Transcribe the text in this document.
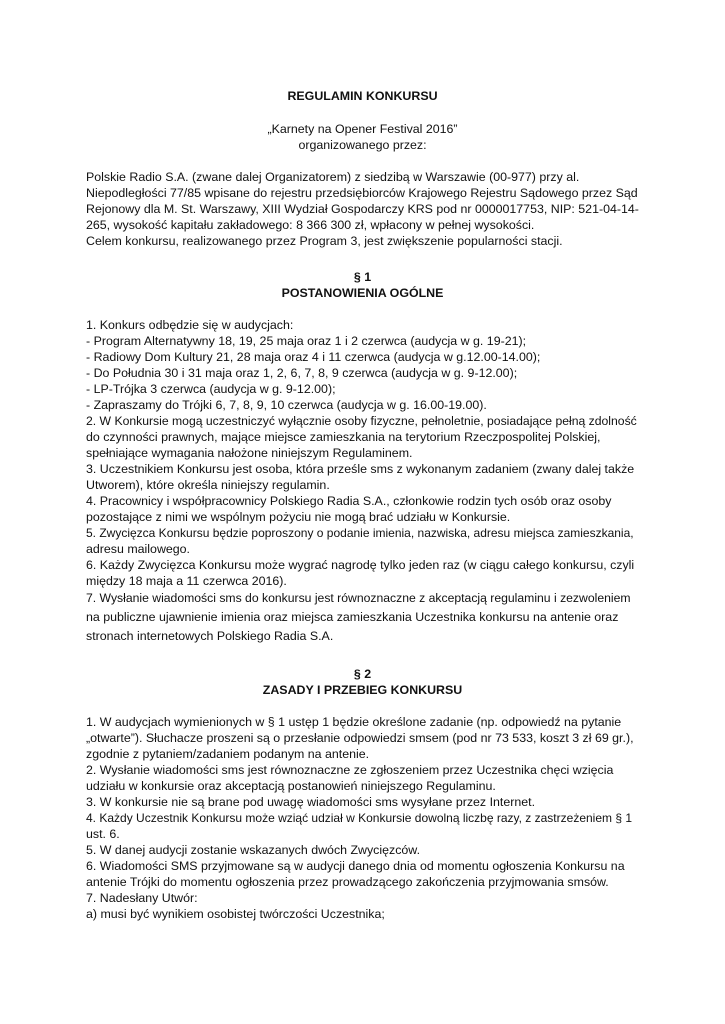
REGULAMIN KONKURSU
„Karnety na Opener Festival 2016”
organizowanego przez:
Polskie Radio S.A. (zwane dalej Organizatorem) z siedzibą w Warszawie (00-977) przy al.
Niepodległości 77/85 wpisane do rejestru przedsiębiorców Krajowego Rejestru Sądowego przez Sąd
Rejonowy dla M. St. Warszawy, XIII Wydział Gospodarczy KRS pod nr 0000017753, NIP: 521-04-14-
265, wysokość kapitału zakładowego: 8 366 300 zł, wpłacony w pełnej wysokości.
Celem konkursu, realizowanego przez Program 3, jest zwiększenie popularności stacji.
§ 1
POSTANOWIENIA OGÓLNE
1. Konkurs odbędzie się w audycjach:
- Program Alternatywny 18, 19, 25 maja oraz 1 i 2 czerwca (audycja w g. 19-21);
- Radiowy Dom Kultury 21, 28 maja oraz 4 i 11 czerwca (audycja w g.12.00-14.00);
- Do Południa 30 i 31 maja oraz 1, 2, 6, 7, 8, 9 czerwca (audycja w g. 9-12.00);
- LP-Trójka 3 czerwca (audycja w g. 9-12.00);
- Zapraszamy do Trójki 6, 7, 8, 9, 10 czerwca (audycja w g. 16.00-19.00).
2. W Konkursie mogą uczestniczyć wyłącznie osoby fizyczne, pełnoletnie, posiadające pełną zdolność
do czynności prawnych, mające miejsce zamieszkania na terytorium Rzeczpospolitej Polskiej,
spełniające wymagania nałożone niniejszym Regulaminem.
3. Uczestnikiem Konkursu jest osoba, która prześle sms z wykonanym zadaniem (zwany dalej także
Utworem), które określa niniejszy regulamin.
4. Pracownicy i współpracownicy Polskiego Radia S.A., członkowie rodzin tych osób oraz osoby
pozostające z nimi we wspólnym pożyciu nie mogą brać udziału w Konkursie.
5. Zwycięzca Konkursu będzie poproszony o podanie imienia, nazwiska, adresu miejsca zamieszkania,
adresu mailowego.
6. Każdy Zwycięzca Konkursu może wygrać nagrodę tylko jeden raz (w ciągu całego konkursu, czyli
między 18 maja a 11 czerwca 2016).
7. Wysłanie wiadomości sms do konkursu jest równoznaczne z akceptacją regulaminu i zezwoleniem
na publiczne ujawnienie imienia oraz miejsca zamieszkania Uczestnika konkursu na antenie oraz
stronach internetowych Polskiego Radia S.A.
§ 2
ZASADY I PRZEBIEG KONKURSU
1. W audycjach wymienionych w § 1 ustęp 1 będzie określone zadanie (np. odpowiedź na pytanie
„otwarte”). Słuchacze proszeni są o przesłanie odpowiedzi smsem (pod nr 73 533, koszt 3 zł 69 gr.),
zgodnie z pytaniem/zadaniem podanym na antenie.
2. Wysłanie wiadomości sms jest równoznaczne ze zgłoszeniem przez Uczestnika chęci wzięcia
udziału w konkursie oraz akceptacją postanowień niniejszego Regulaminu.
3. W konkursie nie są brane pod uwagę wiadomości sms wysyłane przez Internet.
4. Każdy Uczestnik Konkursu może wziąć udział w Konkursie dowolną liczbę razy, z zastrzeżeniem § 1
ust. 6.
5. W danej audycji zostanie wskazanych dwóch Zwycięzców.
6. Wiadomości SMS przyjmowane są w audycji danego dnia od momentu ogłoszenia Konkursu na
antenie Trójki do momentu ogłoszenia przez prowadzącego zakończenia przyjmowania smsów.
7. Nadesłany Utwór:
a) musi być wynikiem osobistej twórczości Uczestnika;
